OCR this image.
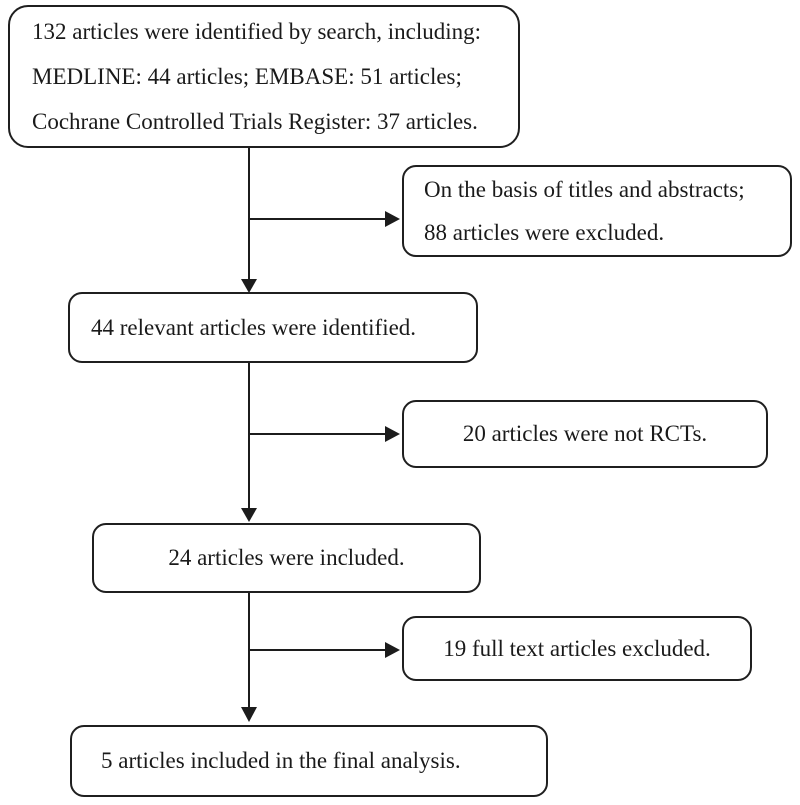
132 articles were identified by search, including:
MEDLINE: 44 articles; EMBASE: 51 articles;
Cochrane Controlled Trials Register: 37 articles.
On the basis of titles and abstracts;
88 articles were excluded.
44 relevant articles were identified.
20 articles were not RCTs.
24 articles were included.
19 full text articles excluded.
5 articles included in the final analysis.
